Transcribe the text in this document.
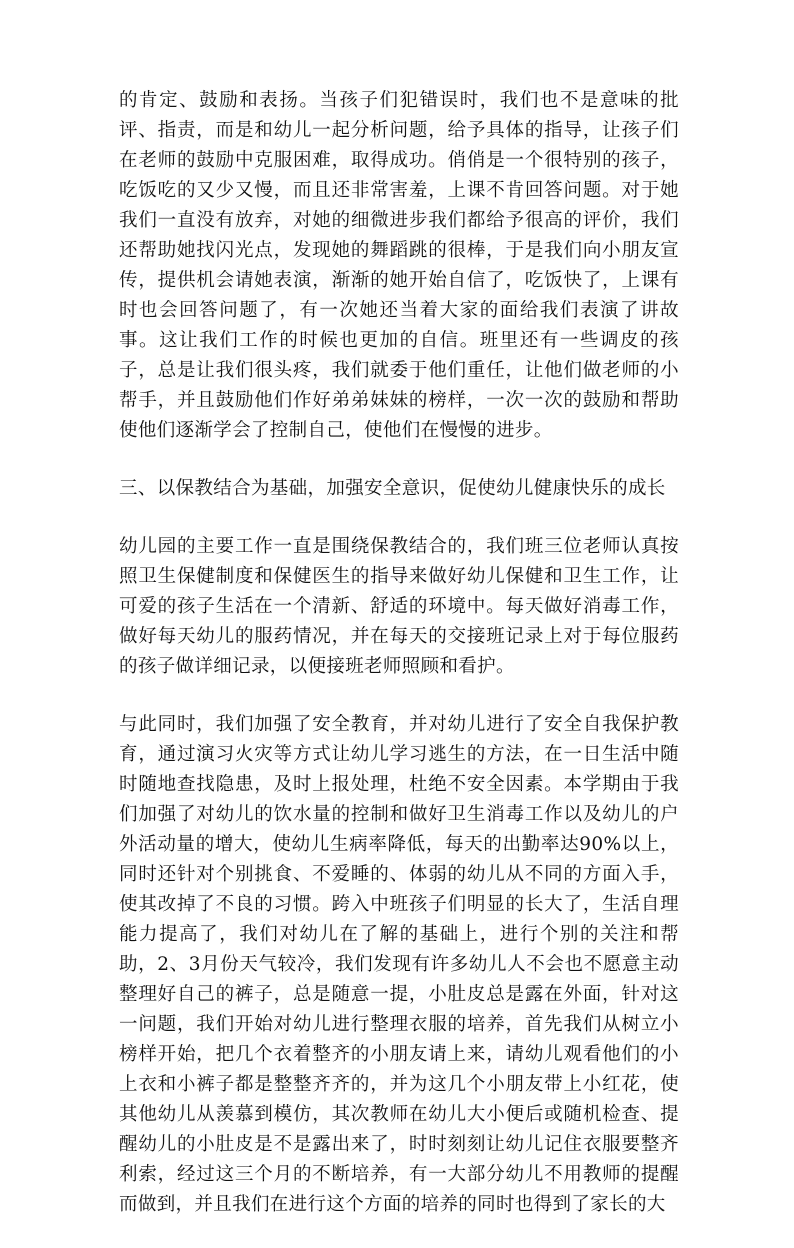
的肯定、鼓励和表扬。当孩子们犯错误时，我们也不是意味的批评、指责，而是和幼儿一起分析问题，给予具体的指导，让孩子们在老师的鼓励中克服困难，取得成功。俏俏是一个很特别的孩子，吃饭吃的又少又慢，而且还非常害羞，上课不肯回答问题。对于她我们一直没有放弃，对她的细微进步我们都给予很高的评价，我们还帮助她找闪光点，发现她的舞蹈跳的很棒，于是我们向小朋友宣传，提供机会请她表演，渐渐的她开始自信了，吃饭快了，上课有时也会回答问题了，有一次她还当着大家的面给我们表演了讲故事。这让我们工作的时候也更加的自信。班里还有一些调皮的孩子，总是让我们很头疼，我们就委于他们重任，让他们做老师的小帮手，并且鼓励他们作好弟弟妹妹的榜样，一次一次的鼓励和帮助使他们逐渐学会了控制自己，使他们在慢慢的进步。

三、以保教结合为基础，加强安全意识，促使幼儿健康快乐的成长

幼儿园的主要工作一直是围绕保教结合的，我们班三位老师认真按照卫生保健制度和保健医生的指导来做好幼儿保健和卫生工作，让可爱的孩子生活在一个清新、舒适的环境中。每天做好消毒工作，做好每天幼儿的服药情况，并在每天的交接班记录上对于每位服药的孩子做详细记录，以便接班老师照顾和看护。

与此同时，我们加强了安全教育，并对幼儿进行了安全自我保护教育，通过演习火灾等方式让幼儿学习逃生的方法，在一日生活中随时随地查找隐患，及时上报处理，杜绝不安全因素。本学期由于我们加强了对幼儿的饮水量的控制和做好卫生消毒工作以及幼儿的户外活动量的增大，使幼儿生病率降低，每天的出勤率达90%以上，同时还针对个别挑食、不爱睡的、体弱的幼儿从不同的方面入手，使其改掉了不良的习惯。跨入中班孩子们明显的长大了，生活自理能力提高了，我们对幼儿在了解的基础上，进行个别的关注和帮助，2、3月份天气较冷，我们发现有许多幼儿人不会也不愿意主动整理好自己的裤子，总是随意一提，小肚皮总是露在外面，针对这一问题，我们开始对幼儿进行整理衣服的培养，首先我们从树立小榜样开始，把几个衣着整齐的小朋友请上来，请幼儿观看他们的小上衣和小裤子都是整整齐齐的，并为这几个小朋友带上小红花，使其他幼儿从羡慕到模仿，其次教师在幼儿大小便后或随机检查、提醒幼儿的小肚皮是不是露出来了，时时刻刻让幼儿记住衣服要整齐利索，经过这三个月的不断培养，有一大部分幼儿不用教师的提醒而做到，并且我们在进行这个方面的培养的同时也得到了家长的大
